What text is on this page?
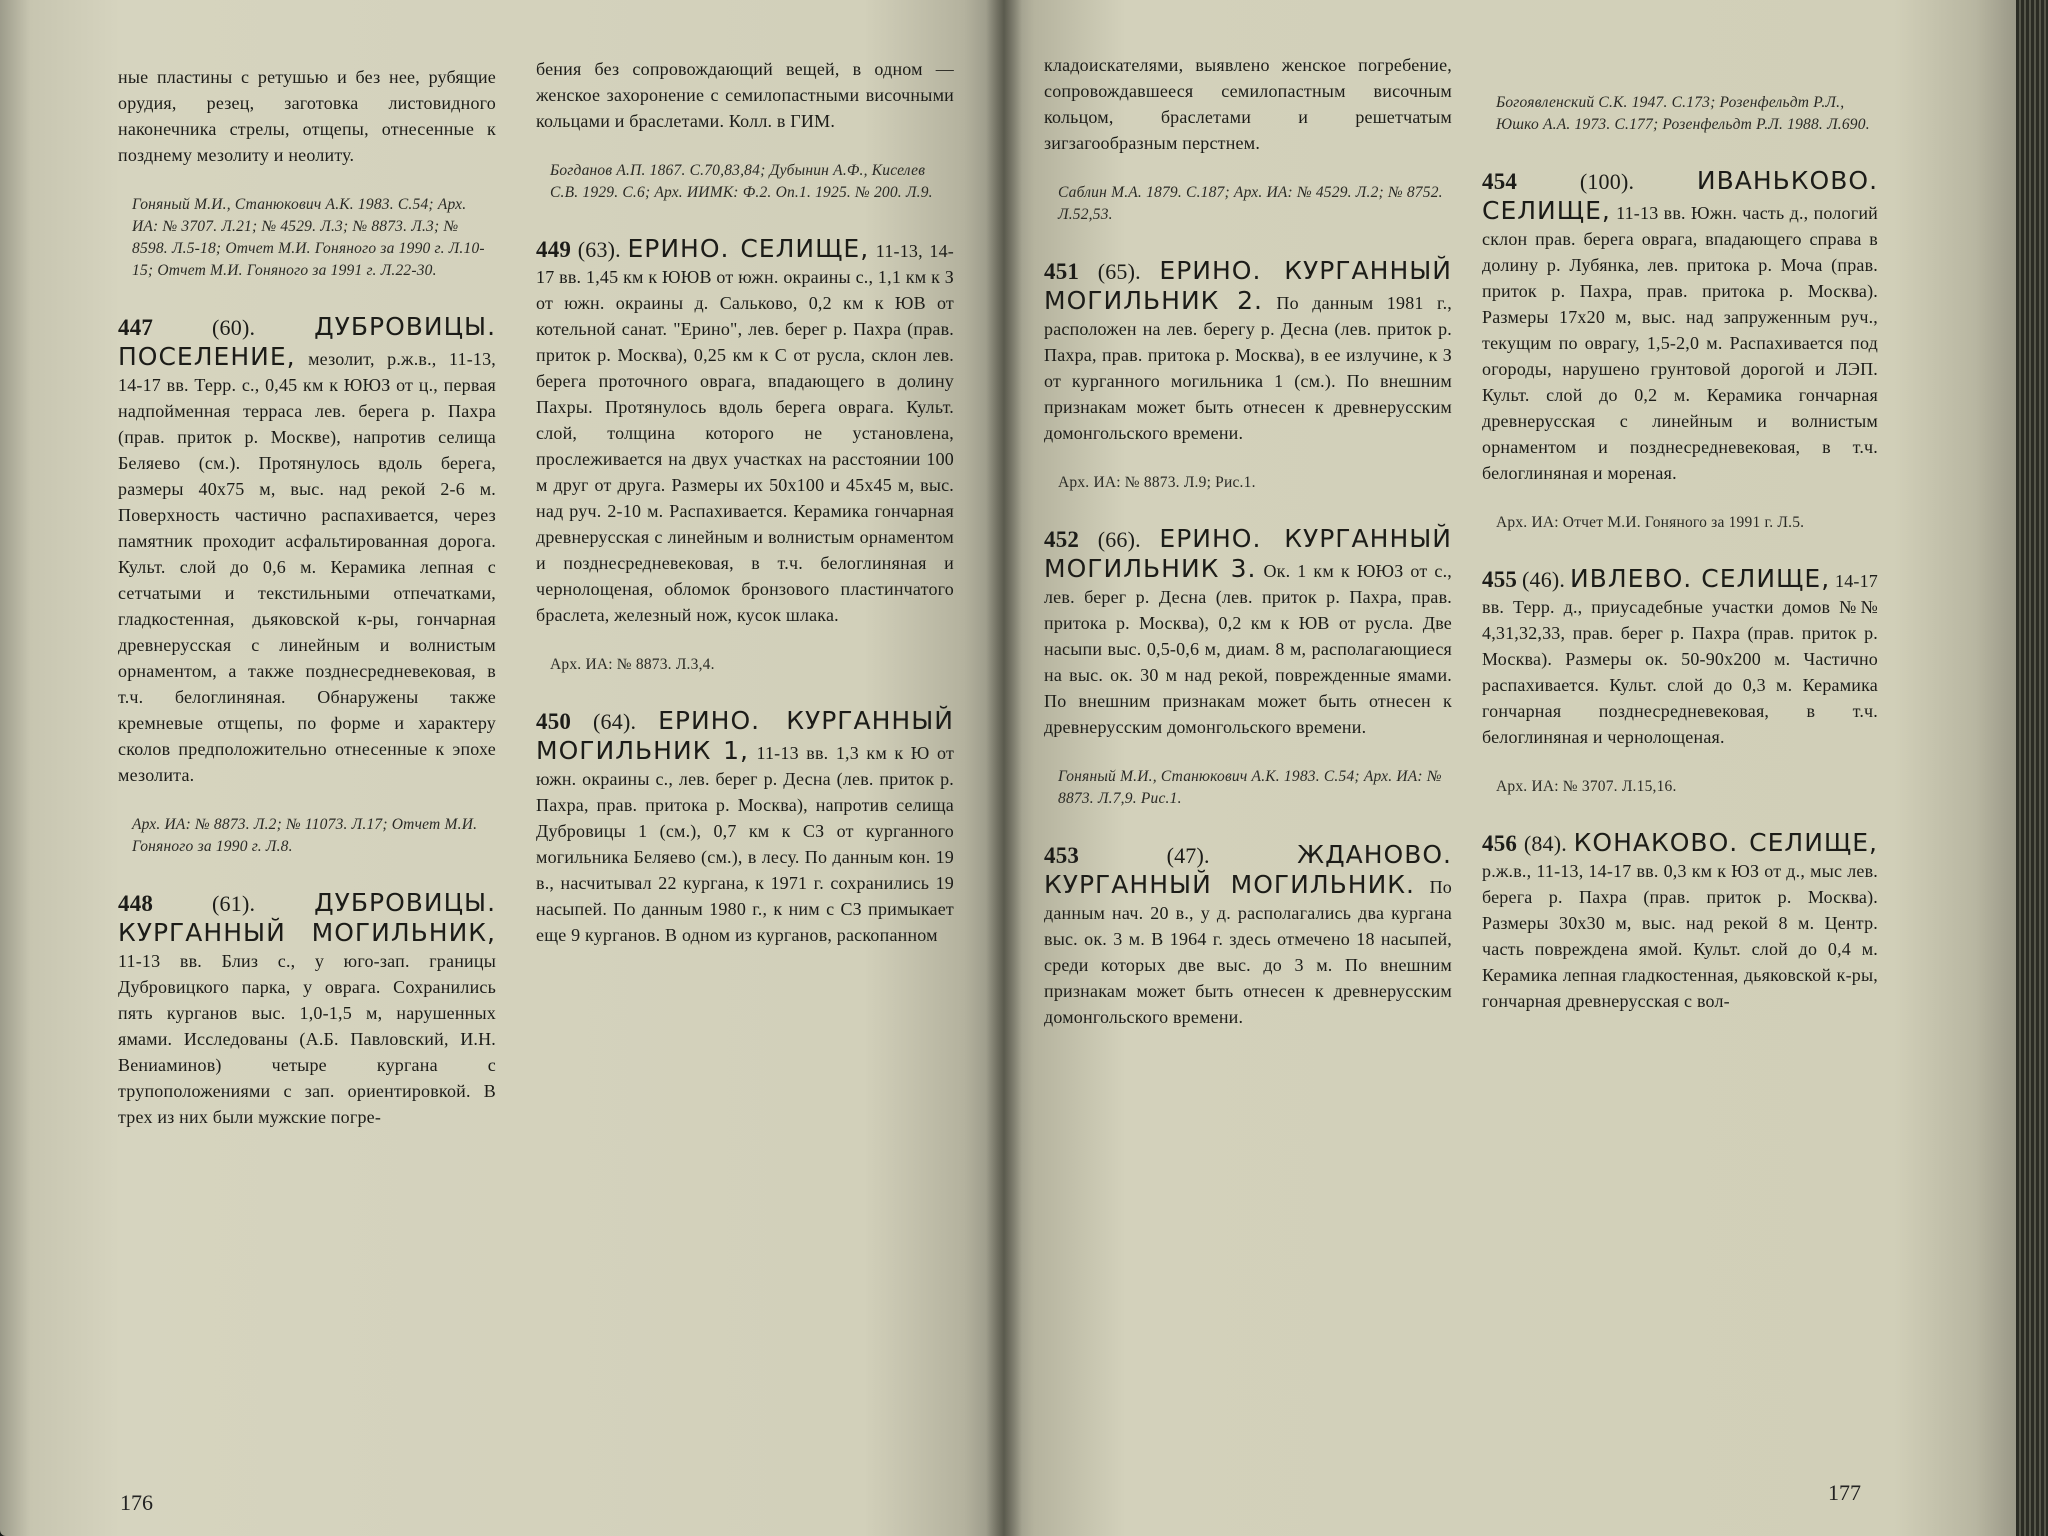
ные пластины с ретушью и без нее, рубящие орудия, резец, заготовка листовидного наконечника стрелы, отщепы, отнесенные к позднему мезолиту и неолиту.

Гоняный М.И., Станюкович А.К. 1983. С.54; Арх. ИА: № 3707. Л.21; № 4529. Л.3; № 8873. Л.3; № 8598. Л.5-18; Отчет М.И. Гоняного за 1990 г. Л.10-15; Отчет М.И. Гоняного за 1991 г. Л.22-30.

447	(60). ДУБРОВИЦЫ. ПОСЕЛЕНИЕ, мезолит, р.ж.в., 11-13, 14-17 вв. Терр. с., 0,45 км к ЮЮЗ от ц., первая надпойменная терраса лев. берега р. Пахра (прав. приток р. Москве), напротив селища Беляево (см.). Протянулось вдоль берега, размеры 40х75 м, выс. над рекой 2-6 м. Поверхность частично распахивается, через памятник проходит асфальтированная дорога. Культ. слой до 0,6 м. Керамика лепная с сетчатыми и текстильными отпечатками, гладкостенная, дьяковской к-ры, гончарная древнерусская с линейным и волнистым орнаментом, а также позднесредневековая, в т.ч. белоглиняная. Обнаружены также кремневые отщепы, по форме и характеру сколов предположительно отнесенные к эпохе мезолита.

Арх. ИА: № 8873. Л.2; № 11073. Л.17; Отчет М.И. Гоняного за 1990 г. Л.8.

448	(61). ДУБРОВИЦЫ. КУРГАННЫЙ МОГИЛЬНИК, 11-13 вв. Близ с., у юго-зап. границы Дубровицкого парка, у оврага. Сохранились пять курганов выс. 1,0-1,5 м, нарушенных ямами. Исследованы (А.Б. Павловский, И.Н. Вениаминов) четыре кургана с трупоположениями с зап. ориентировкой. В трех из них были мужские погре-

бения без сопровождающий вещей, в одном — женское захоронение с семилопастными височными кольцами и браслетами. Колл. в ГИМ.

Богданов А.П. 1867. С.70,83,84; Дубынин А.Ф., Киселев С.В. 1929. С.6; Арх. ИИМК: Ф.2. Оп.1. 1925. № 200. Л.9.

449 (63). ЕРИНО. СЕЛИЩЕ, 11-13, 14-17 вв. 1,45 км к ЮЮВ от южн. окраины с., 1,1 км к З от южн. окраины д. Сальково, 0,2 км к ЮВ от котельной санат. "Ерино", лев. берег р. Пахра (прав. приток р. Москва), 0,25 км к С от русла, склон лев. берега проточного оврага, впадающего в долину Пахры. Протянулось вдоль берега оврага. Культ. слой, толщина которого не установлена, прослеживается на двух участках на расстоянии 100 м друг от друга. Размеры их 50х100 и 45х45 м, выс. над руч. 2-10 м. Распахивается. Керамика гончарная древнерусская с линейным и волнистым орнаментом и позднесредневековая, в т.ч. белоглиняная и чернолощеная, обломок бронзового пластинчатого браслета, железный нож, кусок шлака.

Арх. ИА: № 8873. Л.3,4.

450 (64). ЕРИНО. КУРГАННЫЙ МОГИЛЬНИК 1, 11-13 вв. 1,3 км к Ю от южн. окраины с., лев. берег р. Десна (лев. приток р. Пахра, прав. притока р. Москва), напротив селища Дубровицы 1 (см.), 0,7 км к СЗ от курганного могильника Беляево (см.), в лесу. По данным кон. 19 в., насчитывал 22 кургана, к 1971 г. сохранились 19 насыпей. По данным 1980 г., к ним с СЗ примыкает еще 9 курганов. В одном из курганов, раскопанном

176

кладоискателями, выявлено женское погребение, сопровождавшееся семилопастным височным кольцом, браслетами и решетчатым зигзагообразным перстнем.

Саблин М.А. 1879. С.187; Арх. ИА: № 4529. Л.2; № 8752. Л.52,53.

451 (65). ЕРИНО. КУРГАННЫЙ МОГИЛЬНИК 2. По данным 1981 г., расположен на лев. берегу р. Десна (лев. приток р. Пахра, прав. притока р. Москва), в ее излучине, к З от курганного могильника 1 (см.). По внешним признакам может быть отнесен к древнерусским домонгольского времени.

Арх. ИА: № 8873. Л.9; Рис.1.

452 (66). ЕРИНО. КУРГАННЫЙ МОГИЛЬНИК 3. Ок. 1 км к ЮЮЗ от с., лев. берег р. Десна (лев. приток р. Пахра, прав. притока р. Москва), 0,2 км к ЮВ от русла. Две насыпи выс. 0,5-0,6 м, диам. 8 м, располагающиеся на выс. ок. 30 м над рекой, поврежденные ямами. По внешним признакам может быть отнесен к древнерусским домонгольского времени.

Гоняный М.И., Станюкович А.К. 1983. С.54; Арх. ИА: № 8873. Л.7,9. Рис.1.

453	(47).	ЖДАНОВО. КУРГАННЫЙ МОГИЛЬНИК. По данным нач. 20 в., у д. располагались два кургана выс. ок. 3 м. В 1964 г. здесь отмечено 18 насыпей, среди которых две выс. до 3 м. По внешним признакам может быть отнесен к древнерусским домонгольского времени.

Богоявленский С.К. 1947. С.173; Розенфельдт Р.Л., Юшко А.А. 1973. С.177; Розенфельдт Р.Л. 1988. Л.690.

454	(100).	ИВАНЬКОВО. СЕЛИЩЕ, 11-13 вв. Южн. часть д., пологий склон прав. берега оврага, впадающего справа в долину р. Лубянка, лев. притока р. Моча (прав. приток р. Пахра, прав. притока р. Москва). Размеры 17х20 м, выс. над запруженным руч., текущим по оврагу, 1,5-2,0 м. Распахивается под огороды, нарушено грунтовой дорогой и ЛЭП. Культ. слой до 0,2 м. Керамика гончарная древнерусская с линейным и волнистым орнаментом и позднесредневековая, в т.ч. белоглиняная и мореная.

Арх. ИА: Отчет М.И. Гоняного за 1991 г. Л.5.

455 (46). ИВЛЕВО. СЕЛИЩЕ, 14-17 вв. Терр. д., приусадебные участки домов №№ 4,31,32,33, прав. берег р. Пахра (прав. приток р. Москва). Размеры ок. 50-90х200 м. Частично распахивается. Культ. слой до 0,3 м. Керамика гончарная позднесредневековая, в т.ч. белоглиняная и чернолощеная.

Арх. ИА: № 3707. Л.15,16.

456 (84). КОНАКОВО. СЕЛИЩЕ, р.ж.в., 11-13, 14-17 вв. 0,3 км к ЮЗ от д., мыс лев. берега р. Пахра (прав. приток р. Москва). Размеры 30х30 м, выс. над рекой 8 м. Центр. часть повреждена ямой. Культ. слой до 0,4 м. Керамика лепная гладкостенная, дьяковской к-ры, гончарная древнерусская с вол-

177
